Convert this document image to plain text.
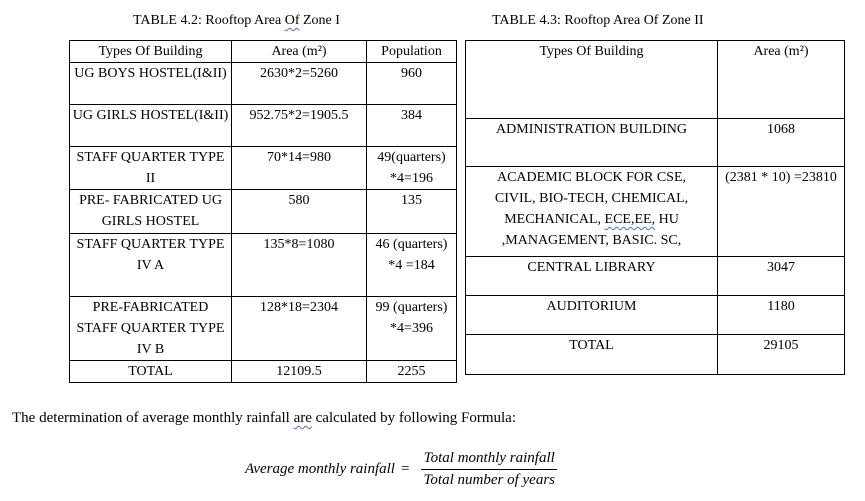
TABLE 4.2: Rooftop Area Of Zone I	TABLE 4.3: Rooftop Area Of Zone II
Types Of Building	Area (m²)	Population
UG BOYS HOSTEL(I&II)	2630*2=5260	960
UG GIRLS HOSTEL(I&II)	952.75*2=1905.5	384
STAFF QUARTER TYPE II	70*14=980	49(quarters) *4=196
PRE- FABRICATED UG GIRLS HOSTEL	580	135
STAFF QUARTER TYPE IV A	135*8=1080	46 (quarters) *4 =184
PRE-FABRICATED STAFF QUARTER TYPE IV B	128*18=2304	99 (quarters) *4=396
TOTAL	12109.5	2255
Types Of Building	Area (m²)
ADMINISTRATION BUILDING	1068
ACADEMIC BLOCK FOR CSE,
CIVIL, BIO-TECH, CHEMICAL,
MECHANICAL, ECE,EE, HU
,MANAGEMENT, BASIC. SC,	(2381 * 10) =23810
CENTRAL LIBRARY	3047
AUDITORIUM	1180
TOTAL	29105
The determination of average monthly rainfall are calculated by following Formula:
Average monthly rainfall = $\frac{\text{Total monthly rainfall}}{\text{Total number of years}}$
